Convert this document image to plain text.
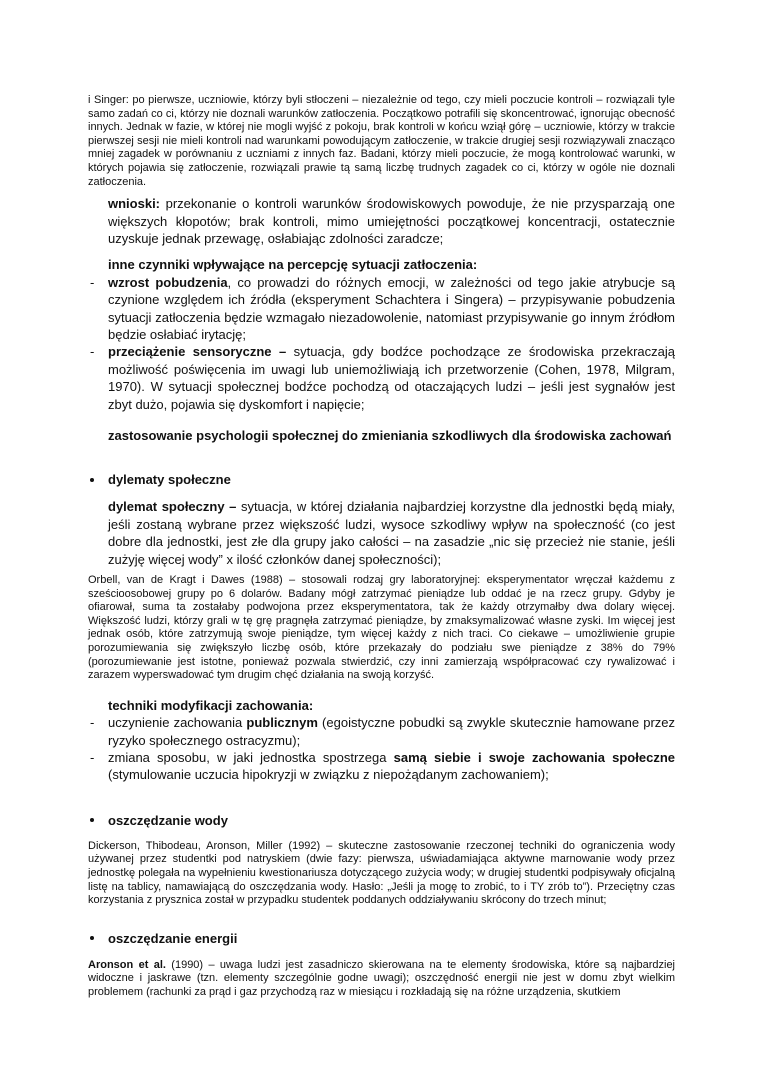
i Singer: po pierwsze, uczniowie, którzy byli stłoczeni – niezależnie od tego, czy mieli poczucie kontroli – rozwiązali tyle samo zadań co ci, którzy nie doznali warunków zatłoczenia. Początkowo potrafili się skoncentrować, ignorując obecność innych. Jednak w fazie, w której nie mogli wyjść z pokoju, brak kontroli w końcu wziął górę – uczniowie, którzy w trakcie pierwszej sesji nie mieli kontroli nad warunkami powodującym zatłoczenie, w trakcie drugiej sesji rozwiązywali znacząco mniej zagadek w porównaniu z uczniami z innych faz. Badani, którzy mieli poczucie, że mogą kontrolować warunki, w których pojawia się zatłoczenie, rozwiązali prawie tą samą liczbę trudnych zagadek co ci, którzy w ogóle nie doznali zatłoczenia.
wnioski: przekonanie o kontroli warunków środowiskowych powoduje, że nie przysparzają one większych kłopotów; brak kontroli, mimo umiejętności początkowej koncentracji, ostatecznie uzyskuje jednak przewagę, osłabiając zdolności zaradcze;
inne czynniki wpływające na percepcję sytuacji zatłoczenia:
- wzrost pobudzenia, co prowadzi do różnych emocji, w zależności od tego jakie atrybucje są czynione względem ich źródła (eksperyment Schachtera i Singera) – przypisywanie pobudzenia sytuacji zatłoczenia będzie wzmagało niezadowolenie, natomiast przypisywanie go innym źródłom będzie osłabiać irytację;
- przeciążenie sensoryczne – sytuacja, gdy bodźce pochodzące ze środowiska przekraczają możliwość poświęcenia im uwagi lub uniemożliwiają ich przetworzenie (Cohen, 1978, Milgram, 1970). W sytuacji społecznej bodźce pochodzą od otaczających ludzi – jeśli jest sygnałów jest zbyt dużo, pojawia się dyskomfort i napięcie;
zastosowanie psychologii społecznej do zmieniania szkodliwych dla środowiska zachowań
dylematy społeczne
dylemat społeczny – sytuacja, w której działania najbardziej korzystne dla jednostki będą miały, jeśli zostaną wybrane przez większość ludzi, wysoce szkodliwy wpływ na społeczność (co jest dobre dla jednostki, jest złe dla grupy jako całości – na zasadzie „nic się przecież nie stanie, jeśli zużyję więcej wody” x ilość członków danej społeczności);
Orbell, van de Kragt i Dawes (1988) – stosowali rodzaj gry laboratoryjnej: eksperymentator wręczał każdemu z sześcioosobowej grupy po 6 dolarów. Badany mógł zatrzymać pieniądze lub oddać je na rzecz grupy. Gdyby je ofiarował, suma ta zostałaby podwojona przez eksperymentatora, tak że każdy otrzymałby dwa dolary więcej. Większość ludzi, którzy grali w tę grę pragnęła zatrzymać pieniądze, by zmaksymalizować własne zyski. Im więcej jest jednak osób, które zatrzymują swoje pieniądze, tym więcej każdy z nich traci. Co ciekawe – umożliwienie grupie porozumiewania się zwiększyło liczbę osób, które przekazały do podziału swe pieniądze z 38% do 79% (porozumiewanie jest istotne, ponieważ pozwala stwierdzić, czy inni zamierzają współpracować czy rywalizować i zarazem wyperswadować tym drugim chęć działania na swoją korzyść.
techniki modyfikacji zachowania:
- uczynienie zachowania publicznym (egoistyczne pobudki są zwykle skutecznie hamowane przez ryzyko społecznego ostracyzmu);
- zmiana sposobu, w jaki jednostka spostrzega samą siebie i swoje zachowania społeczne (stymulowanie uczucia hipokryzji w związku z niepożądanym zachowaniem);
oszczędzanie wody
Dickerson, Thibodeau, Aronson, Miller (1992) – skuteczne zastosowanie rzeczonej techniki do ograniczenia wody używanej przez studentki pod natryskiem (dwie fazy: pierwsza, uświadamiająca aktywne marnowanie wody przez jednostkę polegała na wypełnieniu kwestionariusza dotyczącego zużycia wody; w drugiej studentki podpisywały oficjalną listę na tablicy, namawiającą do oszczędzania wody. Hasło: „Jeśli ja mogę to zrobić, to i TY zrób to”). Przeciętny czas korzystania z prysznica został w przypadku studentek poddanych oddziaływaniu skrócony do trzech minut;
oszczędzanie energii
Aronson et al. (1990) – uwaga ludzi jest zasadniczo skierowana na te elementy środowiska, które są najbardziej widoczne i jaskrawe (tzn. elementy szczególnie godne uwagi); oszczędność energii nie jest w domu zbyt wielkim problemem (rachunki za prąd i gaz przychodzą raz w miesiącu i rozkładają się na różne urządzenia, skutkiem
